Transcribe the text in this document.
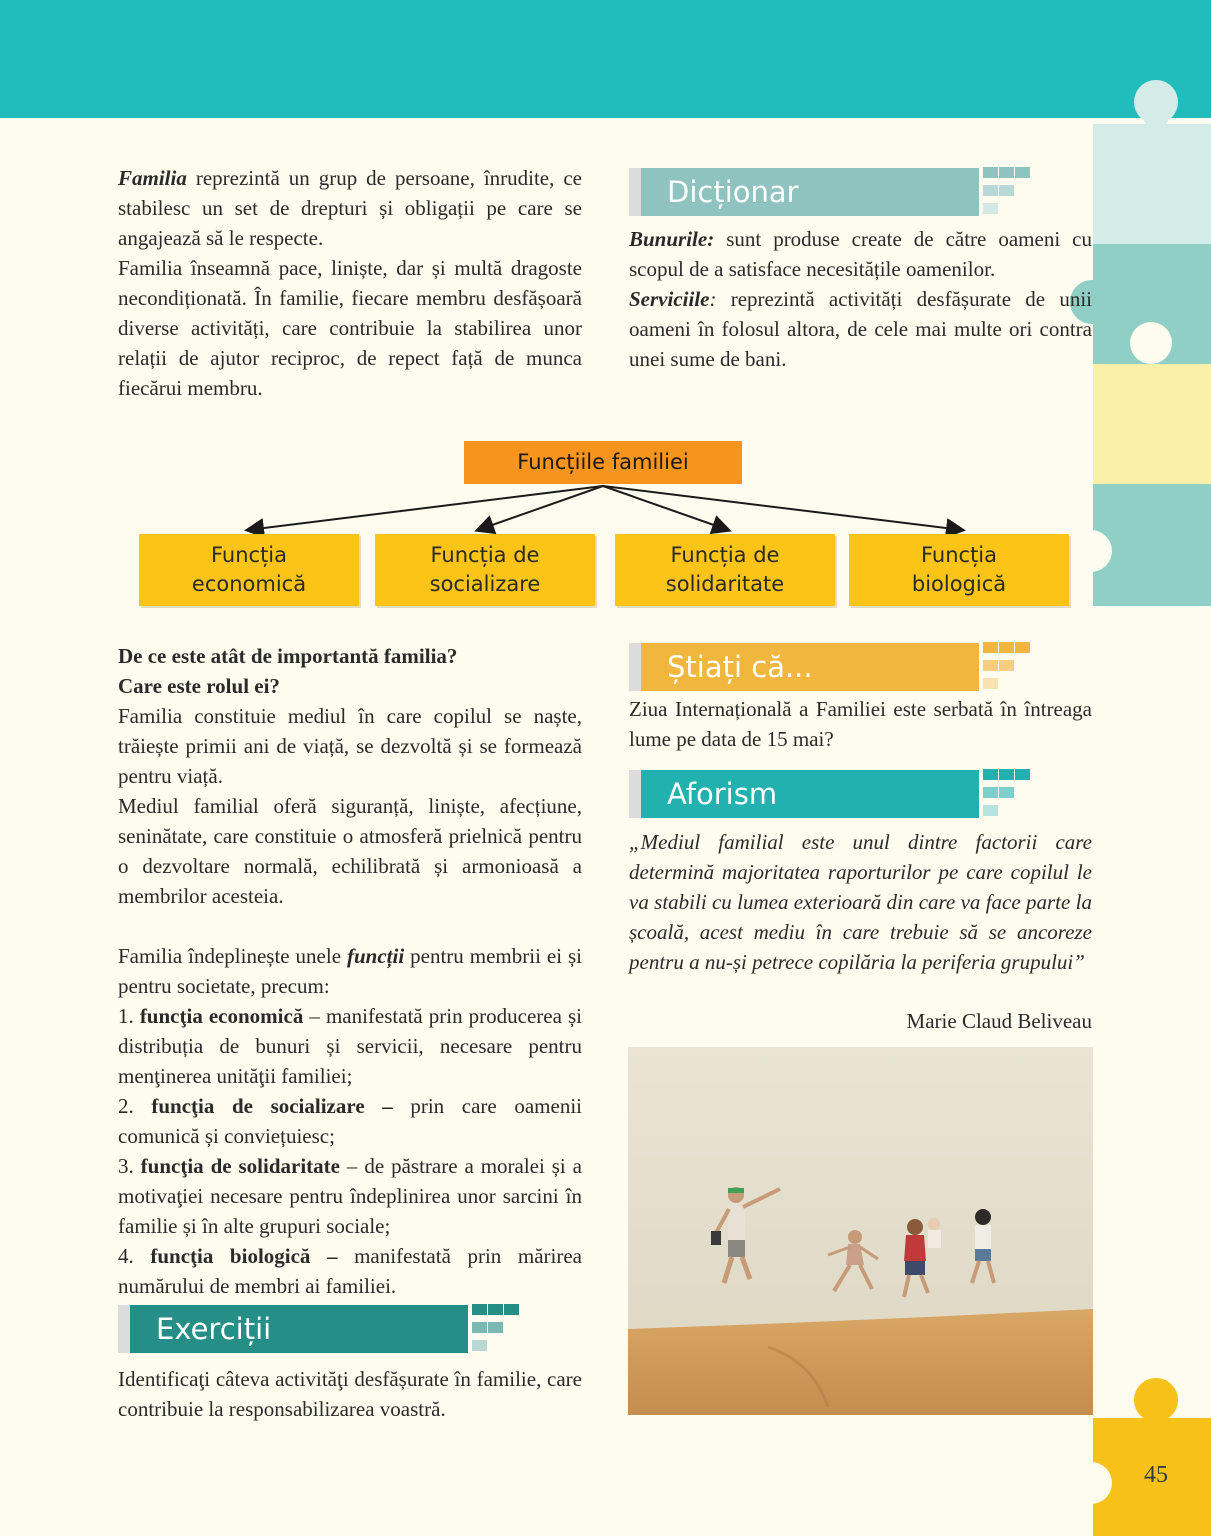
45

Familia reprezintă un grup de persoane, înrudite, ce stabilesc un set de drepturi și obligații pe care se angajează să le respecte.

Familia înseamnă pace, liniște, dar și multă dragoste necondiționată. În familie, fiecare membru desfășoară diverse activități, care contribuie la stabilirea unor relații de ajutor reciproc, de repect față de munca fiecărui membru.

Dicționar

Bunurile: sunt produse create de către oameni cu scopul de a satisface necesitățile oamenilor.

Serviciile: reprezintă activități desfășurate de unii oameni în folosul altora, de cele mai multe ori contra unei sume de bani.

Funcțiile familiei
Funcția
economică
Funcția de
socializare
Funcția de
solidaritate
Funcția
biologică

De ce este atât de importantă familia?

Care este rolul ei?

Familia constituie mediul în care copilul se naște, trăiește primii ani de viață, se dezvoltă și se formează pentru viață.

Mediul familial oferă siguranță, liniște, afecțiune, seninătate, care constituie o atmosferă prielnică pentru o dezvoltare normală, echilibrată și armonioasă a membrilor acesteia.

Familia îndeplinește unele funcții pentru membrii ei și pentru societate, precum:

1. funcţia economică – manifestată prin producerea și distribuția de bunuri și servicii, necesare pentru menţinerea unităţii familiei;

2. funcţia de socializare – prin care oamenii comunică și conviețuiesc;

3. funcţia de solidaritate – de păstrare a moralei și a motivaţiei necesare pentru îndeplinirea unor sarcini în familie și în alte grupuri sociale;

4. funcţia biologică – manifestată prin mărirea numărului de membri ai familiei.

Exerciții
Identificaţi câteva activităţi desfășurate în familie, care contribuie la responsabilizarea voastră.
Știați că...
Ziua Internațională a Familiei este serbată în întreaga lume pe data de 15 mai?
Aforism
„Mediul familial este unul dintre factorii care determină majoritatea raporturilor pe care copilul le va stabili cu lumea exterioară din care va face parte la școală, acest mediu în care trebuie să se ancoreze pentru a nu-și petrece copilăria la periferia grupului”
Marie Claud Beliveau
